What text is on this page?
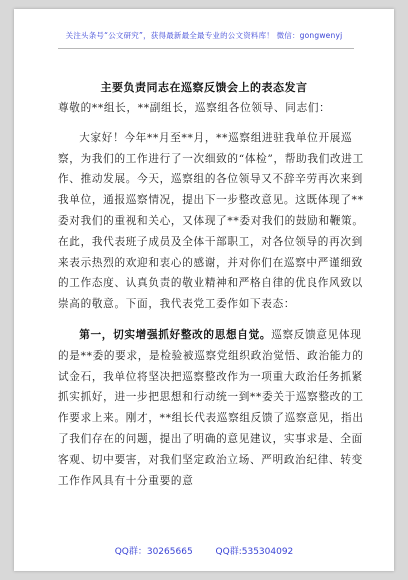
关注头条号“公文研究”，获得最新最全最专业的公文资料库！ 微信：gongwenyj
主要负责同志在巡察反馈会上的表态发言

尊敬的**组长，**副组长，巡察组各位领导、同志们：

大家好！今年**月至**月，**巡察组进驻我单位开展巡察，为我们的工作进行了一次细致的“体检”，帮助我们改进工作、推动发展。今天，巡察组的各位领导又不辞辛劳再次来到我单位，通报巡察情况，提出下一步整改意见。这既体现了**委对我们的重视和关心，又体现了**委对我们的鼓励和鞭策。在此，我代表班子成员及全体干部职工，对各位领导的再次到来表示热烈的欢迎和衷心的感谢，并对你们在巡察中严谨细致的工作态度、认真负责的敬业精神和严格自律的优良作风致以崇高的敬意。下面，我代表党工委作如下表态：

第一，切实增强抓好整改的思想自觉。巡察反馈意见体现的是**委的要求，是检验被巡察党组织政治觉悟、政治能力的试金石，我单位将坚决把巡察整改作为一项重大政治任务抓紧抓实抓好，进一步把思想和行动统一到**委关于巡察整改的工作要求上来。刚才，**组长代表巡察组反馈了巡察意见，指出了我们存在的问题，提出了明确的意见建议，实事求是、全面客观、切中要害，对我们坚定政治立场、严明政治纪律、转变工作作风具有十分重要的意

QQ群：30265665	QQ群:535304092
